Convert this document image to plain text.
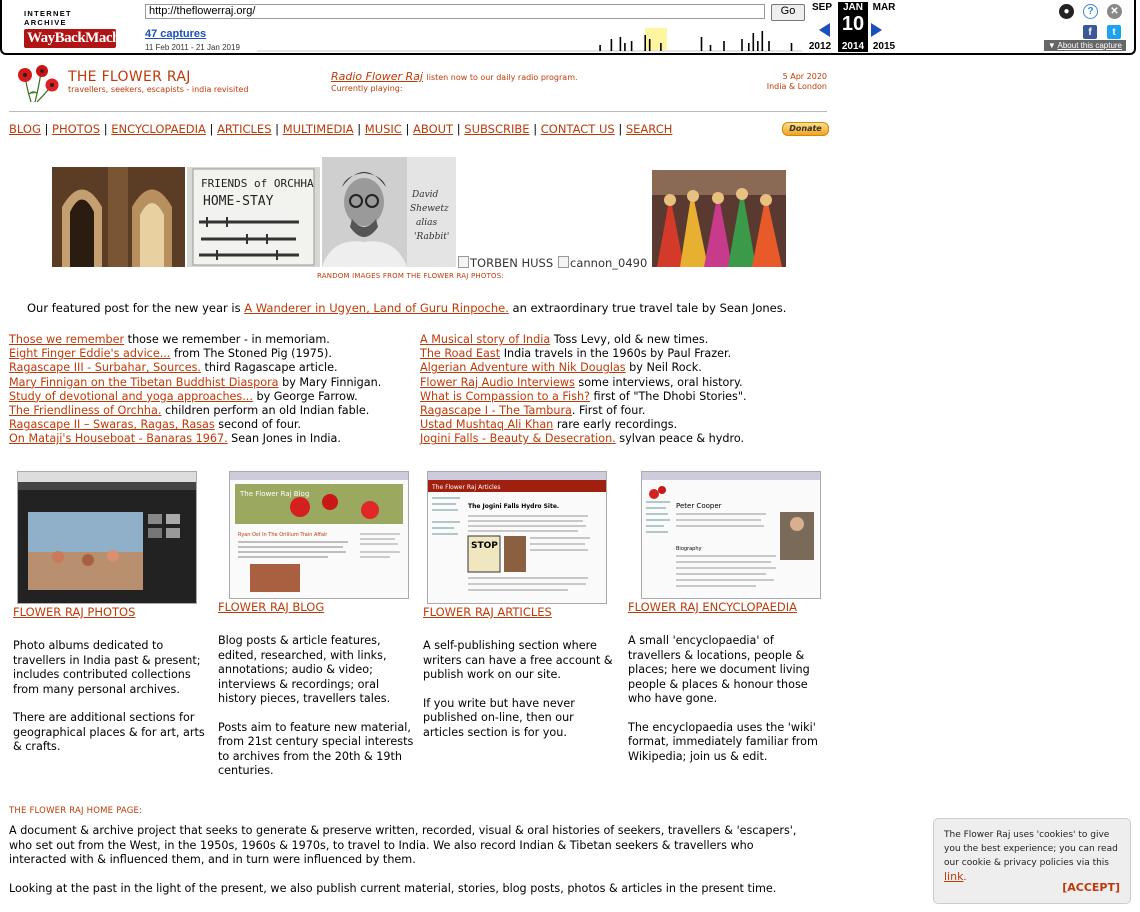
INTERNET ARCHIVE
WayBackMachine
http://theflowerraj.org/	Go
47 captures
11 Feb 2011 - 21 Jan 2019
SEP	JAN
10
2014
MAR
2012	2015
●	?	✕
f	t
▼ About this capture
THE FLOWER RAJ
travellers, seekers, escapists - india revisited
Radio Flower Raj listen now to our daily radio program.
Currently playing:
5 Apr 2020
India & London
BLOG | PHOTOS | ENCYCLOPAEDIA | ARTICLES | MULTIMEDIA | MUSIC | ABOUT | SUBSCRIBE | CONTACT US | SEARCH	Donate
FRIENDS of ORCHHA
HOME-STAY	David
Shewetz
alias
'Rabbit'
TORBEN HUSS	cannon_0490
RANDOM IMAGES FROM THE FLOWER RAJ PHOTOS:
Our featured post for the new year is A Wanderer in Ugyen, Land of Guru Rinpoche. an extraordinary true travel tale by Sean Jones.
Those we remember those we remember - in memoriam.
Eight Finger Eddie's advice... from The Stoned Pig (1975).
Ragascape III - Surbahar, Sources. third Ragascape article.
Mary Finnigan on the Tibetan Buddhist Diaspora by Mary Finnigan.
Study of devotional and yoga approaches... by George Farrow.
The Friendliness of Orchha. children perform an old Indian fable.
Ragascape II – Swaras, Ragas, Rasas second of four.
On Mataji's Houseboat - Banaras 1967. Sean Jones in India.
A Musical story of India Toss Levy, old & new times.
The Road East India travels in the 1960s by Paul Frazer.
Algerian Adventure with Nik Douglas by Neil Rock.
Flower Raj Audio Interviews some interviews, oral history.
What is Compassion to a Fish? first of "The Dhobi Stories".
Ragascape I - The Tambura. First of four.
Ustad Mushtaq Ali Khan rare early recordings.
Jogini Falls - Beauty & Desecration. sylvan peace & hydro.
The Flower Raj Blog
Ryan Ost In The Orillium Train Affair
The Flower Raj Articles
The Jogini Falls Hydro Site.
STOP
Peter Cooper
Biography
FLOWER RAJ PHOTOS	FLOWER RAJ BLOG	FLOWER RAJ ARTICLES	FLOWER RAJ ENCYCLOPAEDIA

Photo albums dedicated to travellers in India past & present; includes contributed collections from many personal archives.

There are additional sections for geographical places & for art, arts & crafts.

Blog posts & article features, edited, researched, with links, annotations; audio & video; interviews & recordings; oral history pieces, travellers tales.

Posts aim to feature new material, from 21st century special interests to archives from the 20th & 19th centuries.

A self-publishing section where writers can have a free account & publish work on our site.

If you write but have never published on-line, then our articles section is for you.

A small 'encyclopaedia' of travellers & locations, people & places; here we document living people & places & honour those who have gone.

The encyclopaedia uses the 'wiki' format, immediately familiar from Wikipedia; join us & edit.

THE FLOWER RAJ HOME PAGE:
A document & archive project that seeks to generate & preserve written, recorded, visual & oral histories of seekers, travellers & 'escapers', who set out from the West, in the 1950s, 1960s & 1970s, to travel to India. We also record Indian & Tibetan seekers & travellers who interacted with & influenced them, and in turn were influenced by them.
Looking at the past in the light of the present, we also publish current material, stories, blog posts, photos & articles in the present time.
The Flower Raj uses 'cookies' to give you the best experience; you can read our cookie & privacy policies via this link.
[ACCEPT]
